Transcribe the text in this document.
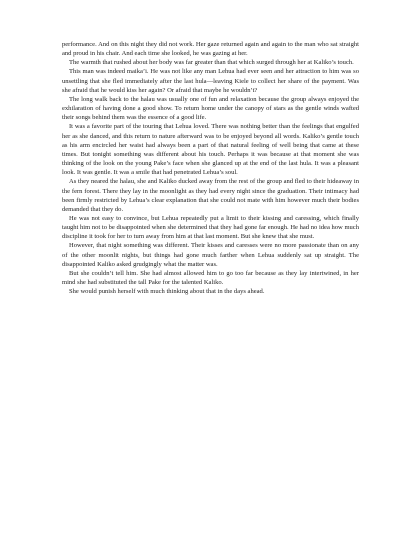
performance. And on this night they did not work. Her gaze returned again and again to the man who sat straight and proud in his chair. And each time she looked, he was gazing at her.

The warmth that rushed about her body was far greater than that which surged through her at Kaliko’s touch.

This man was indeed maika’i. He was not like any man Lehua had ever seen and her attraction to him was so unsettling that she fled immediately after the last hula—leaving Kiele to collect her share of the payment. Was she afraid that he would kiss her again? Or afraid that maybe he wouldn’t?

The long walk back to the halau was usually one of fun and relaxation because the group always enjoyed the exhilaration of having done a good show. To return home under the canopy of stars as the gentle winds wafted their songs behind them was the essence of a good life.

It was a favorite part of the touring that Lehua loved. There was nothing better than the feelings that engulfed her as she danced, and this return to nature afterward was to be enjoyed beyond all words. Kaliko’s gentle touch as his arm encircled her waist had always been a part of that natural feeling of well being that came at these times. But tonight something was different about his touch. Perhaps it was because at that moment she was thinking of the look on the young Pake’s face when she glanced up at the end of the last hula. It was a pleasant look. It was gentle. It was a smile that had penetrated Lehua’s soul.

As they neared the halau, she and Kaliko ducked away from the rest of the group and fled to their hideaway in the fern forest. There they lay in the moonlight as they had every night since the graduation. Their intimacy had been firmly restricted by Lehua’s clear explanation that she could not mate with him however much their bodies demanded that they do.

He was not easy to convince, but Lehua repeatedly put a limit to their kissing and caressing, which finally taught him not to be disappointed when she determined that they had gone far enough. He had no idea how much discipline it took for her to turn away from him at that last moment. But she knew that she must.

However, that night something was different. Their kisses and caresses were no more passionate than on any of the other moonlit nights, but things had gone much farther when Lehua suddenly sat up straight. The disappointed Kaliko asked grudgingly what the matter was.

But she couldn’t tell him. She had almost allowed him to go too far because as they lay intertwined, in her mind she had substituted the tall Pake for the talented Kaliko.

She would punish herself with much thinking about that in the days ahead.
